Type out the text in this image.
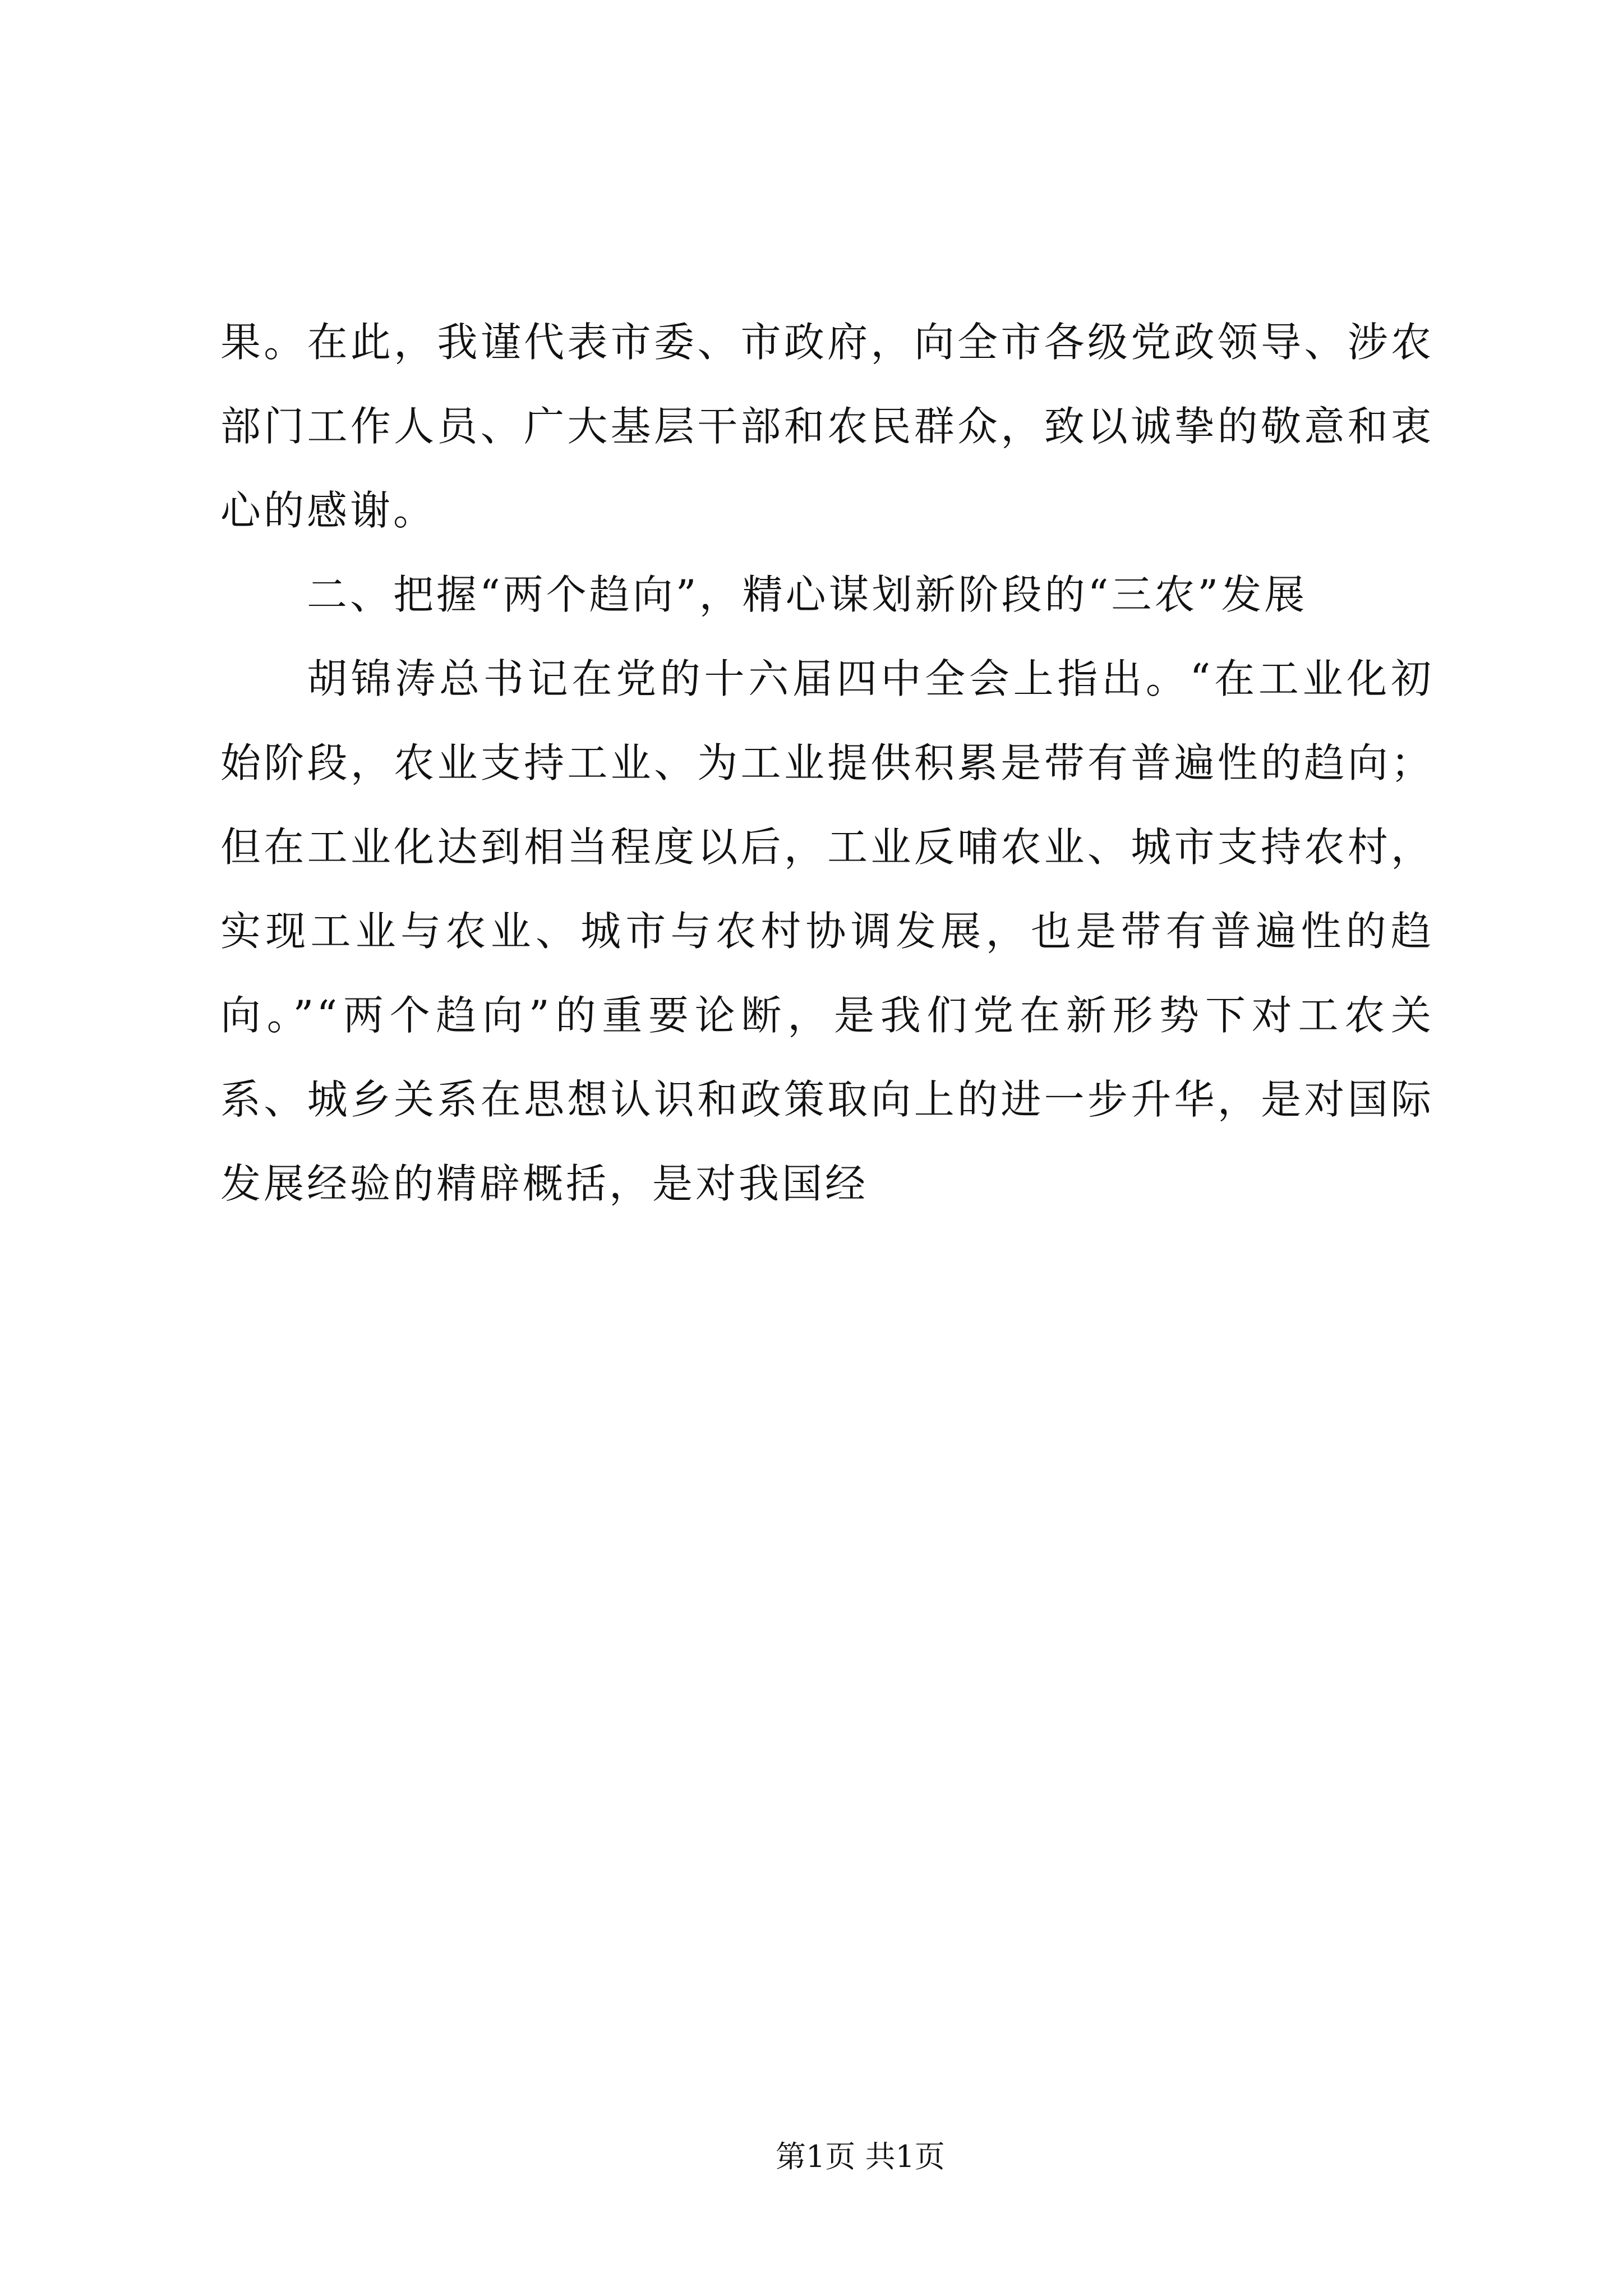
果。在此，我谨代表市委、市政府，向全市各级党政领导、涉农
部门工作人员、广大基层干部和农民群众，致以诚挚的敬意和衷
心的感谢。
二、把握“两个趋向”，精心谋划新阶段的“三农”发展
胡锦涛总书记在党的十六届四中全会上指出。“在工业化初
始阶段，农业支持工业、为工业提供积累是带有普遍性的趋向；
但在工业化达到相当程度以后，工业反哺农业、城市支持农村，
实现工业与农业、城市与农村协调发展，也是带有普遍性的趋
向。”“两个趋向”的重要论断，是我们党在新形势下对工农关
系、城乡关系在思想认识和政策取向上的进一步升华，是对国际
发展经验的精辟概括，是对我国经
第1页 共1页
